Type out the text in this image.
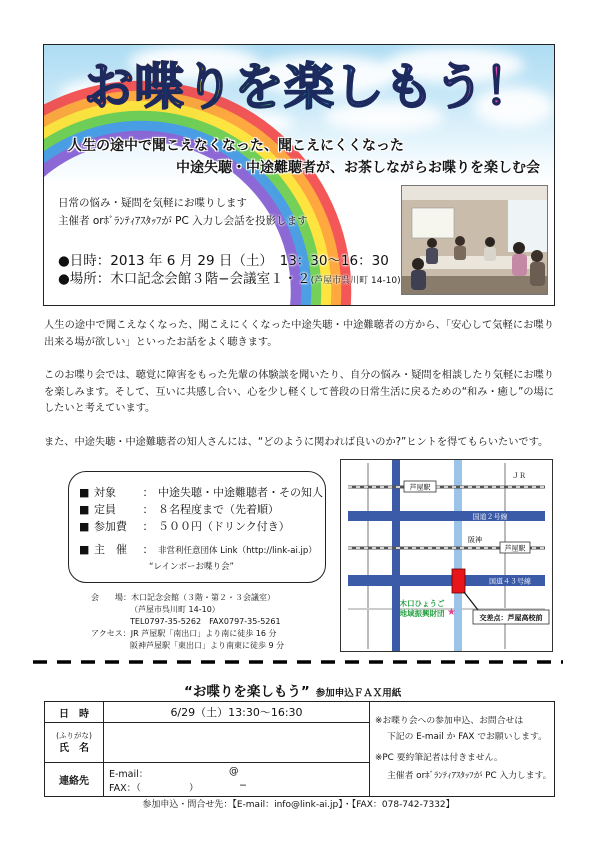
お喋りを楽しもう！
人生の途中で聞こえなくなった、聞こえにくくなった
中途失聴・中途難聴者が、お茶しながらお喋りを楽しむ会
日常の悩み・疑問を気軽にお喋りします
主催者 orﾎﾞﾗﾝﾃｨｱｽﾀｯﾌが PC 入力し会話を投影します
●日時：2013 年 6 月 29 日（土）　13：30～16：30
●場所：木口記念会館３階−会議室１・２(芦屋市呉川町 14-10)

人生の途中で聞こえなくなった、聞こえにくくなった中途失聴・中途難聴者の方から、「安心して気軽にお喋り出来る場が欲しい」といったお話をよく聴きます。

このお喋り会では、聴覚に障害をもった先輩の体験談を聞いたり、自分の悩み・疑問を相談したり気軽にお喋りを楽しみます。そして、互いに共感し合い、心を少し軽くして普段の日常生活に戻るための“和み・癒し”の場にしたいと考えています。

また、中途失聴・中途難聴者の知人さんには、“どのように関われば良いのか?”ヒントを得てもらいたいです。

■ 対象 ： 中途失聴・中途難聴者・その知人
■ 定員 ： ８名程度まで（先着順）
■ 参加費 ： ５００円（ドリンク付き）
■ 主　催 ： 非営利任意団体 Link（http://link-ai.jp）
“レインボーお喋り会”
会　　場：木口記念会館（３階・第２・３会議室）
（芦屋市呉川町 14-10）
TEL0797-35-5262　FAX0797-35-5261
アクセス：JR 芦屋駅「南出口」より南に徒歩 16 分
阪神芦屋駅「東出口」より南東に徒歩 9 分
ＪＲ
芦屋駅
国道２号線
阪神
芦屋駅
国道４３号線
交差点：芦屋高校前
木口ひょうご
地域振興財団 ★
“お喋りを楽しもう” 参加申込ＦＡＸ用紙
日　時	6/29（土）13:30～16:30	※お喋り会への参加申込、お問合せは
下記の E-mail か FAX でお願いします。
※PC 要約筆記者は付きません。
主催者 orﾎﾞﾗﾝﾃｨｱｽﾀｯﾌが PC 入力します。

(ふりがな)
氏　名		

連絡先	E-mail： @
FAX：（ ） −	
参加申込・問合せ先：【E-mail：info@link-ai.jp】・【FAX：078-742-7332】
